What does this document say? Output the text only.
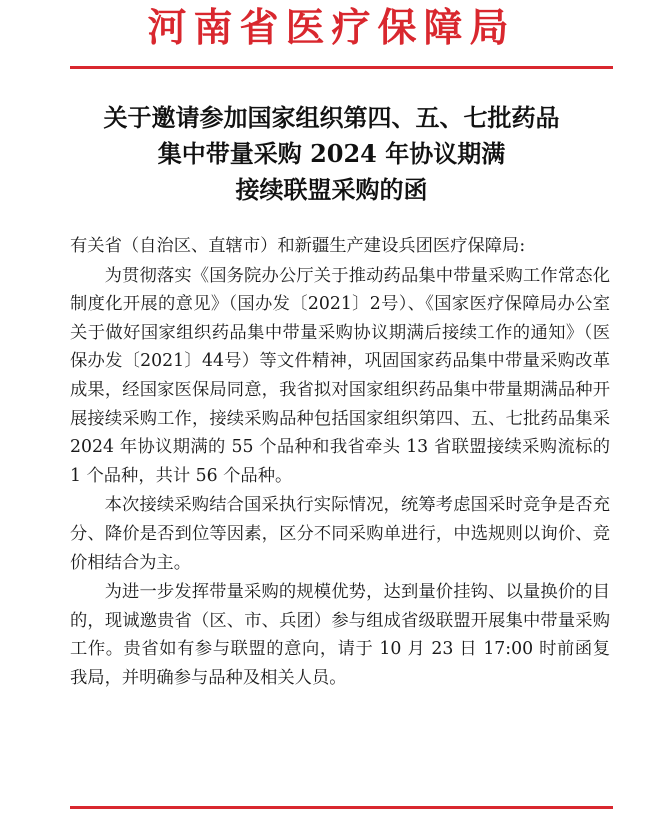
河南省医疗保障局
关于邀请参加国家组织第四、五、七批药品
集中带量采购 2024 年协议期满
接续联盟采购的函

有关省（自治区、直辖市）和新疆生产建设兵团医疗保障局:

为贯彻落实《国务院办公厅关于推动药品集中带量采购工作常态化制度化开展的意见》（国办发〔2021〕2号）、《国家医疗保障局办公室关于做好国家组织药品集中带量采购协议期满后接续工作的通知》（医保办发〔2021〕44号）等文件精神，巩固国家药品集中带量采购改革成果，经国家医保局同意，我省拟对国家组织药品集中带量期满品种开展接续采购工作，接续采购品种包括国家组织第四、五、七批药品集采 2024 年协议期满的 55 个品种和我省牵头 13 省联盟接续采购流标的 1 个品种，共计 56 个品种。

本次接续采购结合国采执行实际情况，统筹考虑国采时竞争是否充分、降价是否到位等因素，区分不同采购单进行，中选规则以询价、竞价相结合为主。

为进一步发挥带量采购的规模优势，达到量价挂钩、以量换价的目的，现诚邀贵省（区、市、兵团）参与组成省级联盟开展集中带量采购工作。贵省如有参与联盟的意向，请于 10 月 23 日 17:00 时前函复我局，并明确参与品种及相关人员。
